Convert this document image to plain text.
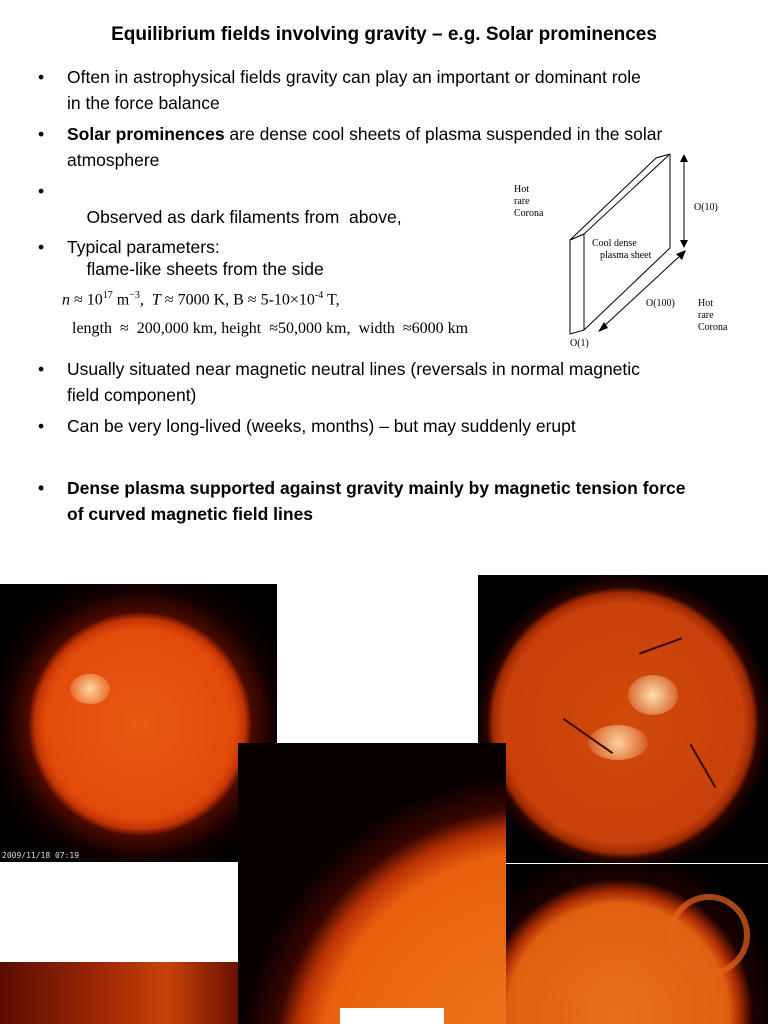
Equilibrium fields involving gravity – e.g. Solar prominences
• Often in astrophysical fields gravity can play an important or dominant role
in the force balance
• Solar prominences are dense cool sheets of plasma suspended in the solar
atmosphere
•

Observed as dark filaments from  above,

flame-like sheets from the side

• Typical parameters:
$n \approx 10^{17}$ $m^{-3}$,  T ≈ 7000 K, $B \approx 5-10\times 10^{-4}$ T,
length  ≈  200,000 km, height  ≈50,000 km,  width  ≈6000 km
Hot
rare
Corona
Cool dense
plasma sheet
O(10)
O(100)
O(1)
Hot
rare
Corona
• Usually situated near magnetic neutral lines (reversals in normal magnetic
field component)
• Can be very long-lived (weeks, months) – but may suddenly erupt
• Dense plasma supported against gravity mainly by magnetic tension force
of curved magnetic field lines
2009/11/18 07:19
